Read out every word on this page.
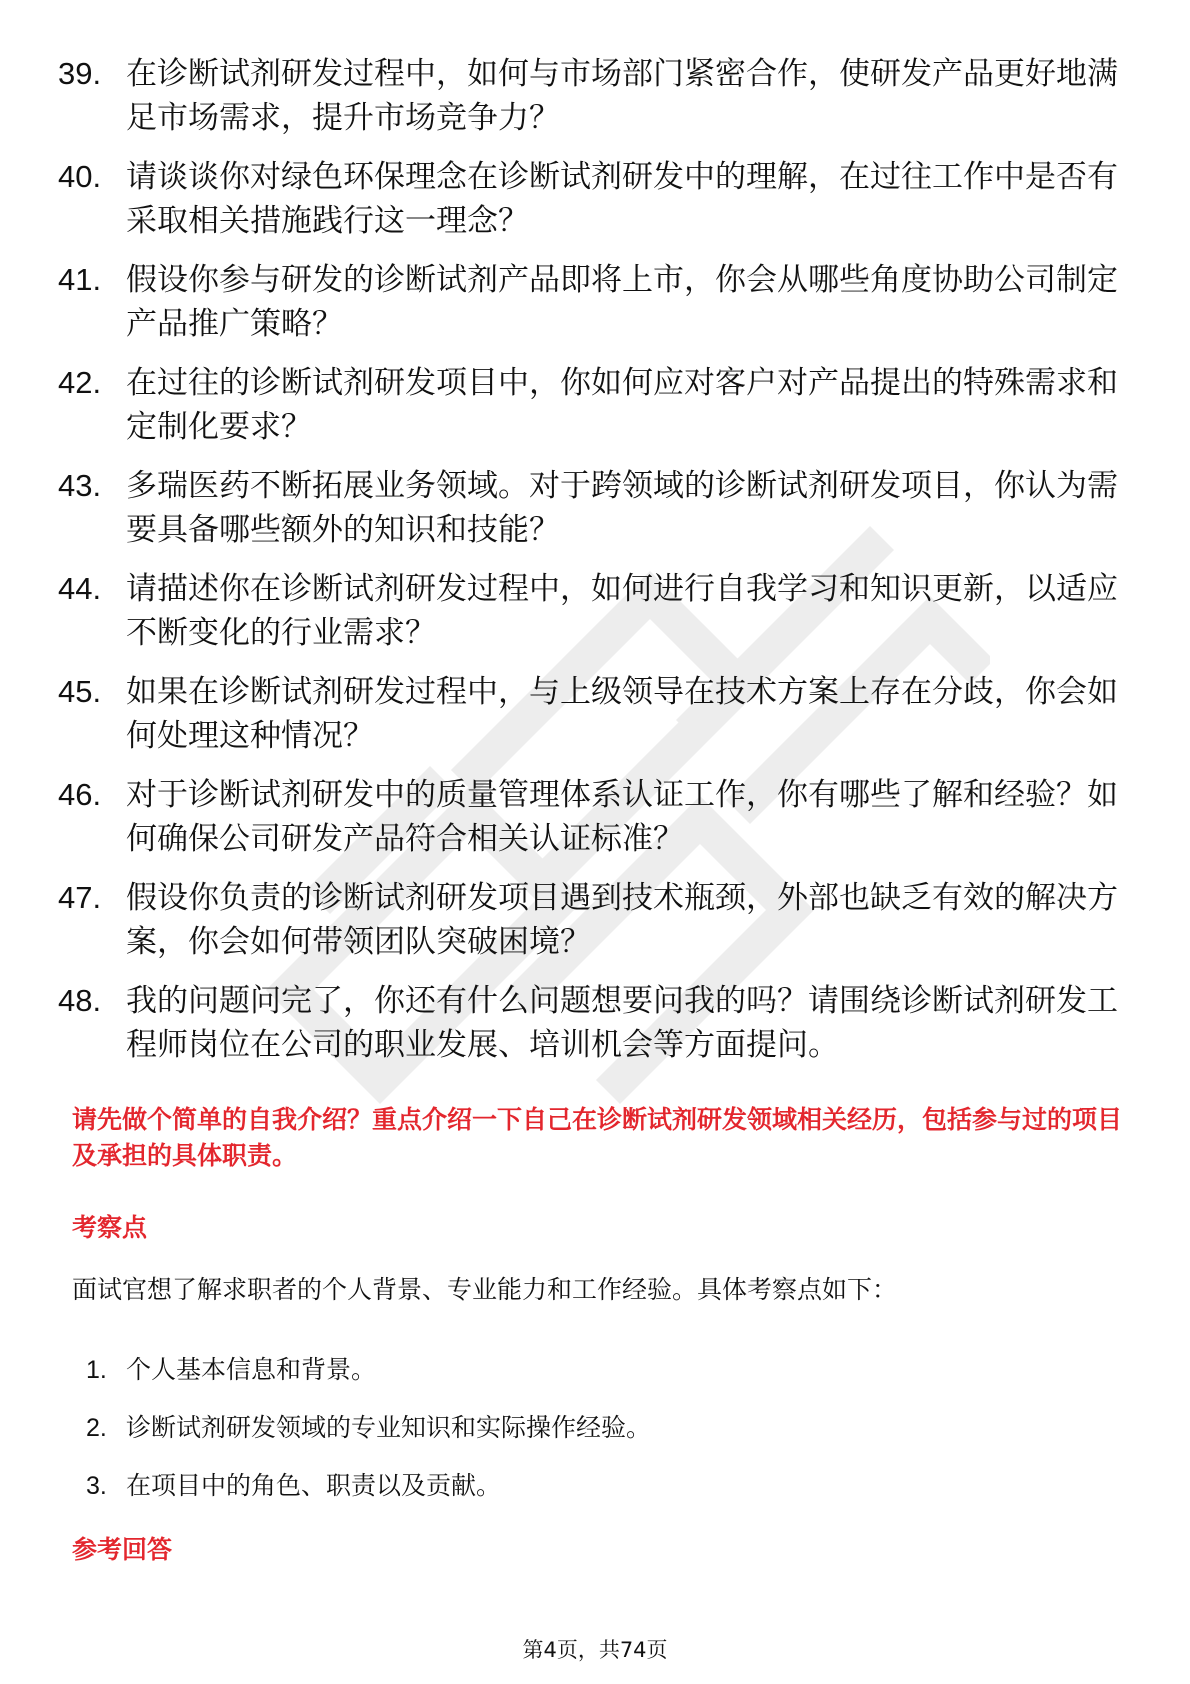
39. 在诊断试剂研发过程中，如何与市场部门紧密合作，使研发产品更好地满足市场需求，提升市场竞争力？
40. 请谈谈你对绿色环保理念在诊断试剂研发中的理解，在过往工作中是否有采取相关措施践行这一理念？
41. 假设你参与研发的诊断试剂产品即将上市，你会从哪些角度协助公司制定产品推广策略？
42. 在过往的诊断试剂研发项目中，你如何应对客户对产品提出的特殊需求和定制化要求？
43. 多瑞医药不断拓展业务领域。对于跨领域的诊断试剂研发项目，你认为需要具备哪些额外的知识和技能？
44. 请描述你在诊断试剂研发过程中，如何进行自我学习和知识更新，以适应不断变化的行业需求？
45. 如果在诊断试剂研发过程中，与上级领导在技术方案上存在分歧，你会如何处理这种情况？
46. 对于诊断试剂研发中的质量管理体系认证工作，你有哪些了解和经验？如何确保公司研发产品符合相关认证标准？
47. 假设你负责的诊断试剂研发项目遇到技术瓶颈，外部也缺乏有效的解决方案，你会如何带领团队突破困境？
48. 我的问题问完了，你还有什么问题想要问我的吗？请围绕诊断试剂研发工程师岗位在公司的职业发展、培训机会等方面提问。
请先做个简单的自我介绍？重点介绍一下自己在诊断试剂研发领域相关经历，包括参与过的项目及承担的具体职责。
考察点
面试官想了解求职者的个人背景、专业能力和工作经验。具体考察点如下：
1. 个人基本信息和背景。
2. 诊断试剂研发领域的专业知识和实际操作经验。
3. 在项目中的角色、职责以及贡献。
参考回答
第4页，共74页
